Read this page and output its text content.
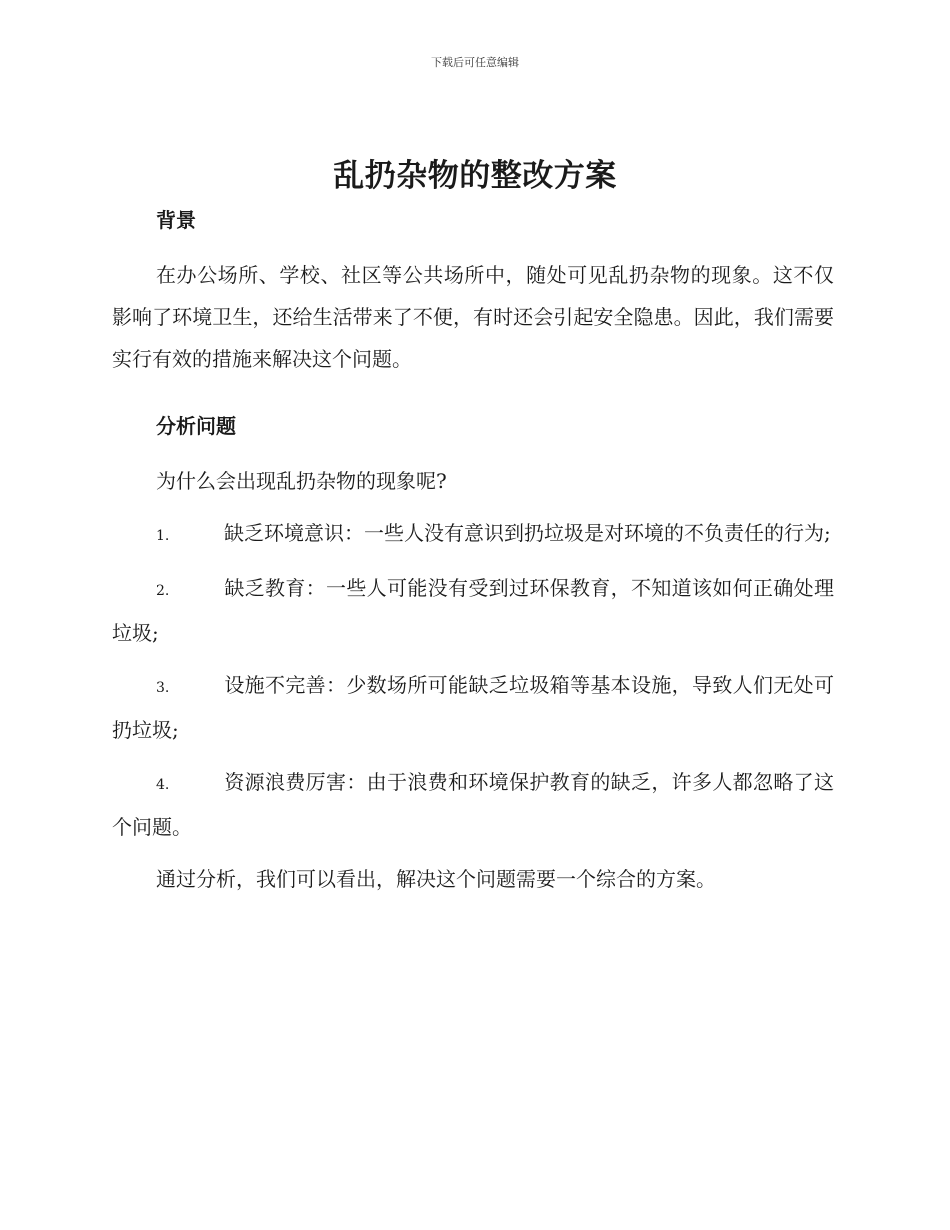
下载后可任意编辑
乱扔杂物的整改方案

背景

在办公场所、学校、社区等公共场所中，随处可见乱扔杂物的现象。这不仅影响了环境卫生，还给生活带来了不便，有时还会引起安全隐患。因此，我们需要实行有效的措施来解决这个问题。

分析问题

为什么会出现乱扔杂物的现象呢?

1.	缺乏环境意识：一些人没有意识到扔垃圾是对环境的不负责任的行为;

2.	缺乏教育：一些人可能没有受到过环保教育，不知道该如何正确处理垃圾;

3.	设施不完善：少数场所可能缺乏垃圾箱等基本设施，导致人们无处可扔垃圾;

4.	资源浪费厉害：由于浪费和环境保护教育的缺乏，许多人都忽略了这个问题。

通过分析，我们可以看出，解决这个问题需要一个综合的方案。
